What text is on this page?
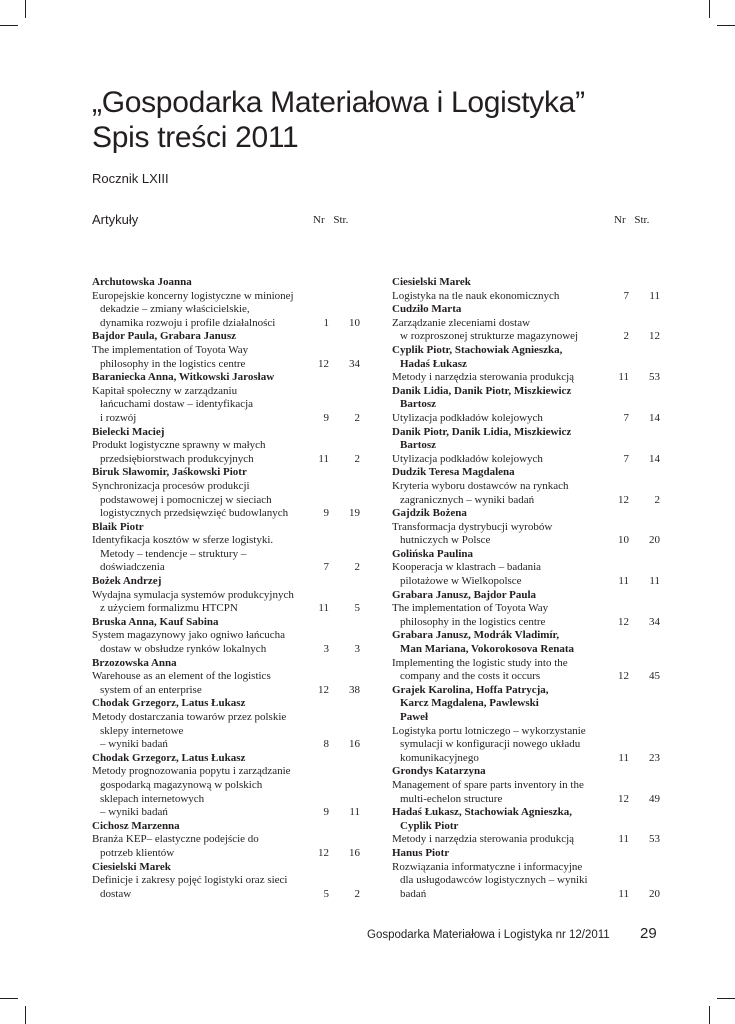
„Gospodarka Materiałowa i Logistyka”
Spis treści 2011
Rocznik LXIII
Artykuły	Nr Str.	Nr Str.
Archutowska Joanna
Europejskie koncerny logistyczne w minionej
dekadzie – zmiany właścicielskie,
dynamika rozwoju i profile działalności	1	10
Bajdor Paula, Grabara Janusz
The implementation of Toyota Way
philosophy in the logistics centre	12	34
Baraniecka Anna, Witkowski Jarosław
Kapitał społeczny w zarządzaniu
łańcuchami dostaw – identyfikacja
i rozwój	9	2
Bielecki Maciej
Produkt logistyczne sprawny w małych
przedsiębiorstwach produkcyjnych	11	2
Biruk Sławomir, Jaśkowski Piotr
Synchronizacja procesów produkcji
podstawowej i pomocniczej w sieciach
logistycznych przedsięwzięć budowlanych	9	19
Blaik Piotr
Identyfikacja kosztów w sferze logistyki.
Metody – tendencje – struktury –
doświadczenia	7	2
Bożek Andrzej
Wydajna symulacja systemów produkcyjnych
z użyciem formalizmu HTCPN	11	5
Bruska Anna, Kauf Sabina
System magazynowy jako ogniwo łańcucha
dostaw w obsłudze rynków lokalnych	3	3
Brzozowska Anna
Warehouse as an element of the logistics
system of an enterprise	12	38
Chodak Grzegorz, Latus Łukasz
Metody dostarczania towarów przez polskie
sklepy internetowe
– wyniki badań	8	16
Chodak Grzegorz, Latus Łukasz
Metody prognozowania popytu i zarządzanie
gospodarką magazynową w polskich
sklepach internetowych
– wyniki badań	9	11
Cichosz Marzenna
Branża KEP– elastyczne podejście do
potrzeb klientów	12	16
Ciesielski Marek
Definicje i zakresy pojęć logistyki oraz sieci
dostaw	5	2
Ciesielski Marek
Logistyka na tle nauk ekonomicznych	7	11
Cudziło Marta
Zarządzanie zleceniami dostaw
w rozproszonej strukturze magazynowej	2	12
Cyplik Piotr, Stachowiak Agnieszka,
Hadaś Łukasz
Metody i narzędzia sterowania produkcją	11	53
Danik Lidia, Danik Piotr, Miszkiewicz
Bartosz
Utylizacja podkładów kolejowych	7	14
Danik Piotr, Danik Lidia, Miszkiewicz
Bartosz
Utylizacja podkładów kolejowych	7	14
Dudzik Teresa Magdalena
Kryteria wyboru dostawców na rynkach
zagranicznych – wyniki badań	12	2
Gajdzik Bożena
Transformacja dystrybucji wyrobów
hutniczych w Polsce	10	20
Golińska Paulina
Kooperacja w klastrach – badania
pilotażowe w Wielkopolsce	11	11
Grabara Janusz, Bajdor Paula
The implementation of Toyota Way
philosophy in the logistics centre	12	34
Grabara Janusz, Modrák Vladimír,
Man Mariana, Vokorokosova Renata
Implementing the logistic study into the
company and the costs it occurs	12	45
Grajek Karolina, Hoffa Patrycja,
Karcz Magdalena, Pawlewski
Paweł
Logistyka portu lotniczego – wykorzystanie
symulacji w konfiguracji nowego układu
komunikacyjnego	11	23
Grondys Katarzyna
Management of spare parts inventory in the
multi-echelon structure	12	49
Hadaś Łukasz, Stachowiak Agnieszka,
Cyplik Piotr
Metody i narzędzia sterowania produkcją	11	53
Hanus Piotr
Rozwiązania informatyczne i informacyjne
dla usługodawców logistycznych – wyniki
badań	11	20
Gospodarka Materiałowa i Logistyka nr 12/2011 29
